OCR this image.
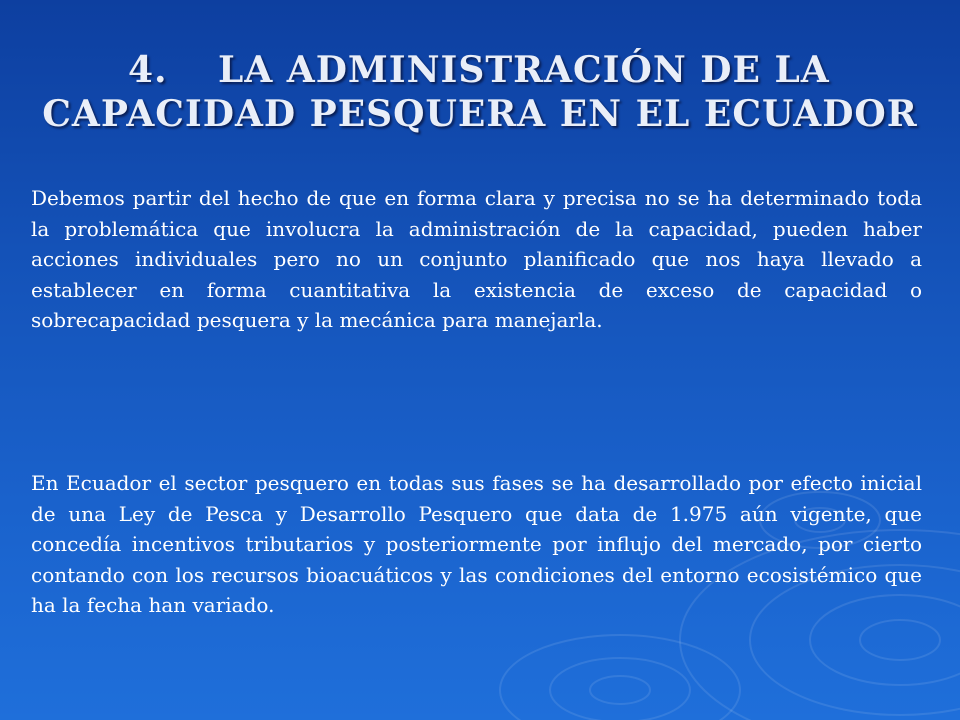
4. LA ADMINISTRACIÓN DE LA
CAPACIDAD PESQUERA EN EL ECUADOR

Debemos partir del hecho de que en forma clara y precisa no se ha determinado toda la problemática que involucra la administración de la capacidad, pueden haber acciones individuales pero no un conjunto planificado que nos haya llevado a establecer en forma cuantitativa la existencia de exceso de capacidad o sobrecapacidad pesquera y la mecánica para manejarla.

En Ecuador el sector pesquero en todas sus fases se ha desarrollado por efecto inicial de una Ley de Pesca y Desarrollo Pesquero que data de 1.975 aún vigente, que concedía incentivos tributarios y posteriormente por influjo del mercado, por cierto contando con los recursos bioacuáticos y las condiciones del entorno ecosistémico que ha la fecha han variado.
